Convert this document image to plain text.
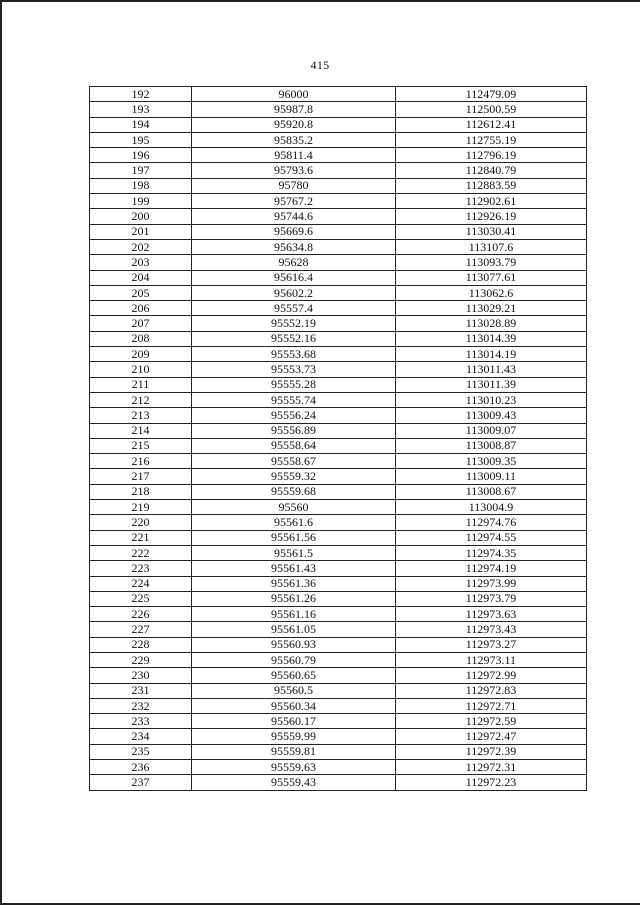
415
192	96000	112479.09
193	95987.8	112500.59
194	95920.8	112612.41
195	95835.2	112755.19
196	95811.4	112796.19
197	95793.6	112840.79
198	95780	112883.59
199	95767.2	112902.61
200	95744.6	112926.19
201	95669.6	113030.41
202	95634.8	113107.6
203	95628	113093.79
204	95616.4	113077.61
205	95602.2	113062.6
206	95557.4	113029.21
207	95552.19	113028.89
208	95552.16	113014.39
209	95553.68	113014.19
210	95553.73	113011.43
211	95555.28	113011.39
212	95555.74	113010.23
213	95556.24	113009.43
214	95556.89	113009.07
215	95558.64	113008.87
216	95558.67	113009.35
217	95559.32	113009.11
218	95559.68	113008.67
219	95560	113004.9
220	95561.6	112974.76
221	95561.56	112974.55
222	95561.5	112974.35
223	95561.43	112974.19
224	95561.36	112973.99
225	95561.26	112973.79
226	95561.16	112973.63
227	95561.05	112973.43
228	95560.93	112973.27
229	95560.79	112973.11
230	95560.65	112972.99
231	95560.5	112972.83
232	95560.34	112972.71
233	95560.17	112972.59
234	95559.99	112972.47
235	95559.81	112972.39
236	95559.63	112972.31
237	95559.43	112972.23
